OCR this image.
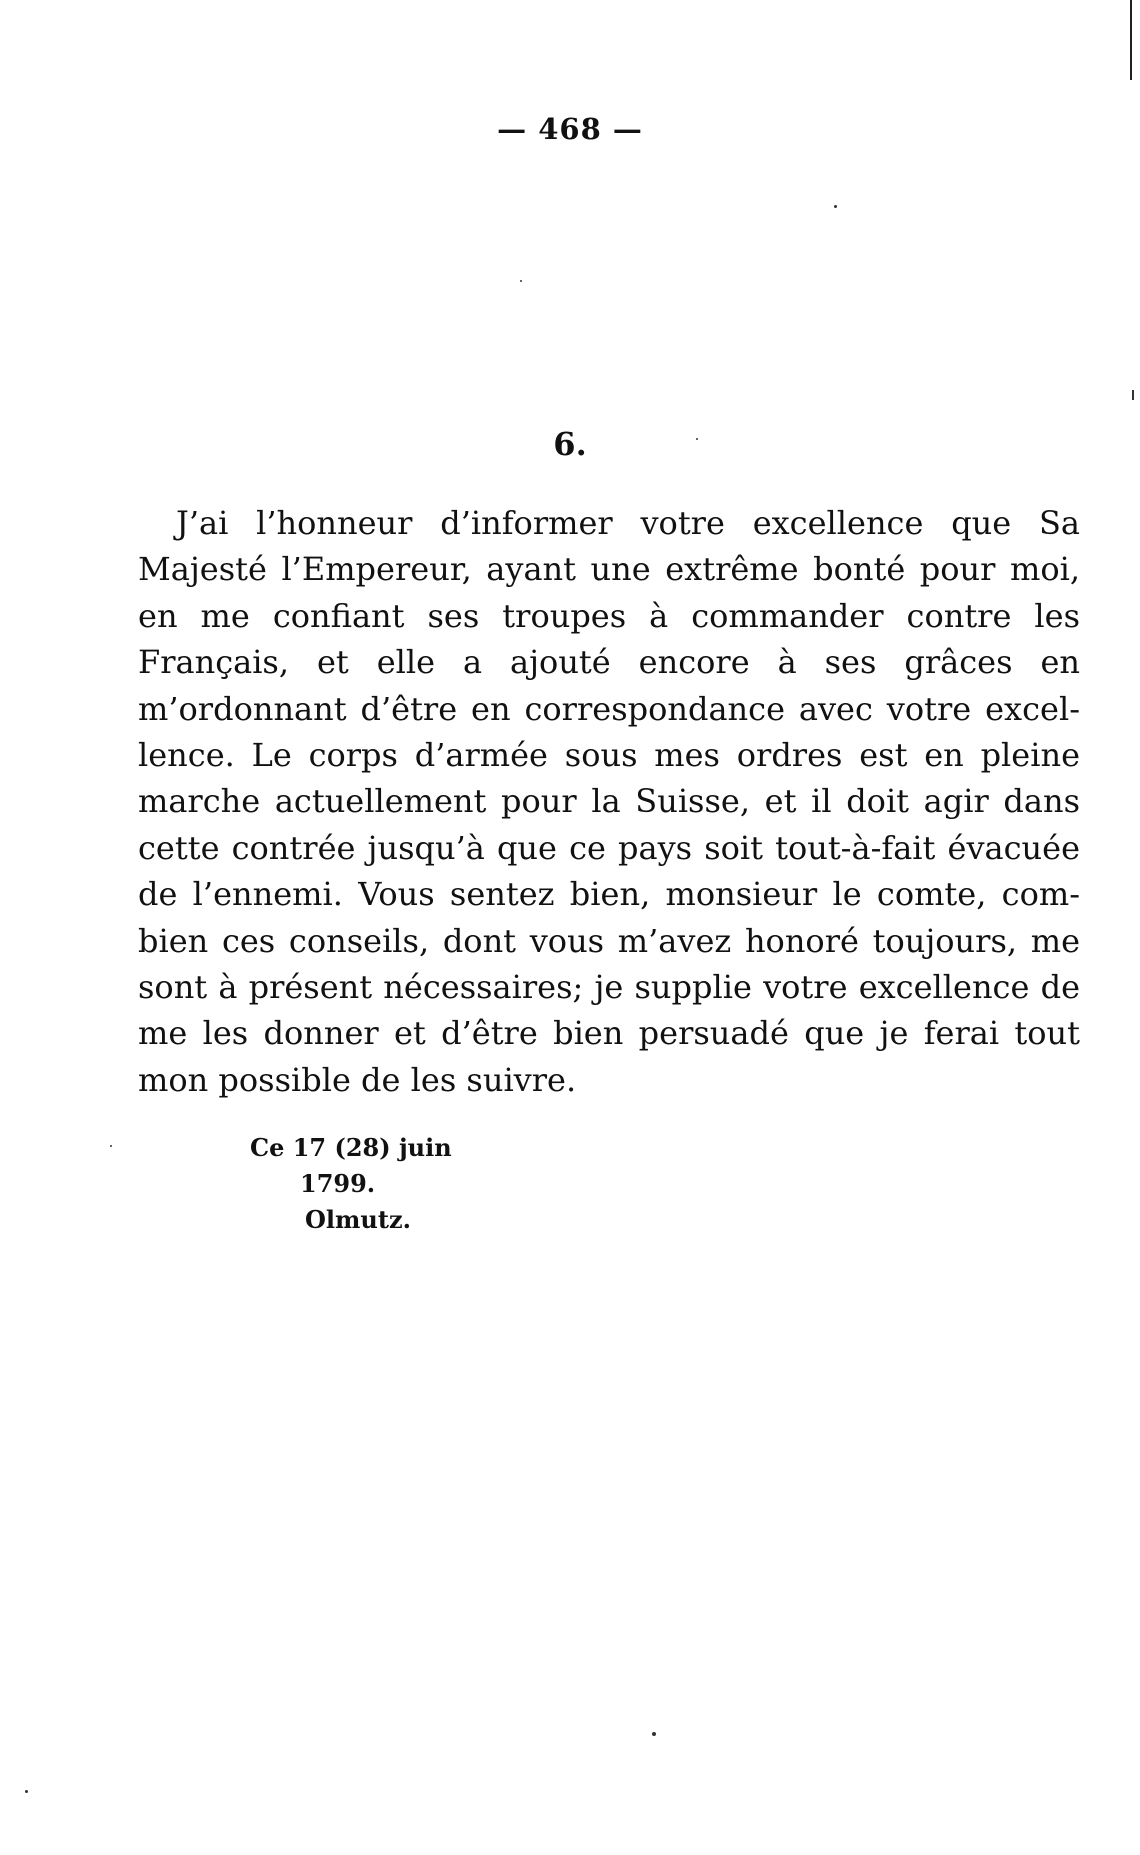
— 468 —
6.

J’ai l’honneur d’informer votre excellence que Sa Majesté l’Empereur, ayant une extrême bonté pour moi, en me confiant ses troupes à commander contre les Français, et elle a ajouté encore à ses grâces en m’ordonnant d’être en correspondance avec votre excellence. Le corps d’armée sous mes ordres est en pleine marche actuellement pour la Suisse, et il doit agir dans cette contrée jusqu’à que ce pays soit tout-à-fait évacuée de l’ennemi. Vous sentez bien, monsieur le comte, combien ces conseils, dont vous m’avez honoré toujours, me sont à présent nécessaires; je supplie votre excellence de me les donner et d’être bien persuadé que je ferai tout mon possible de les suivre.

Ce 17 (28) juin
1799.
Olmutz.
